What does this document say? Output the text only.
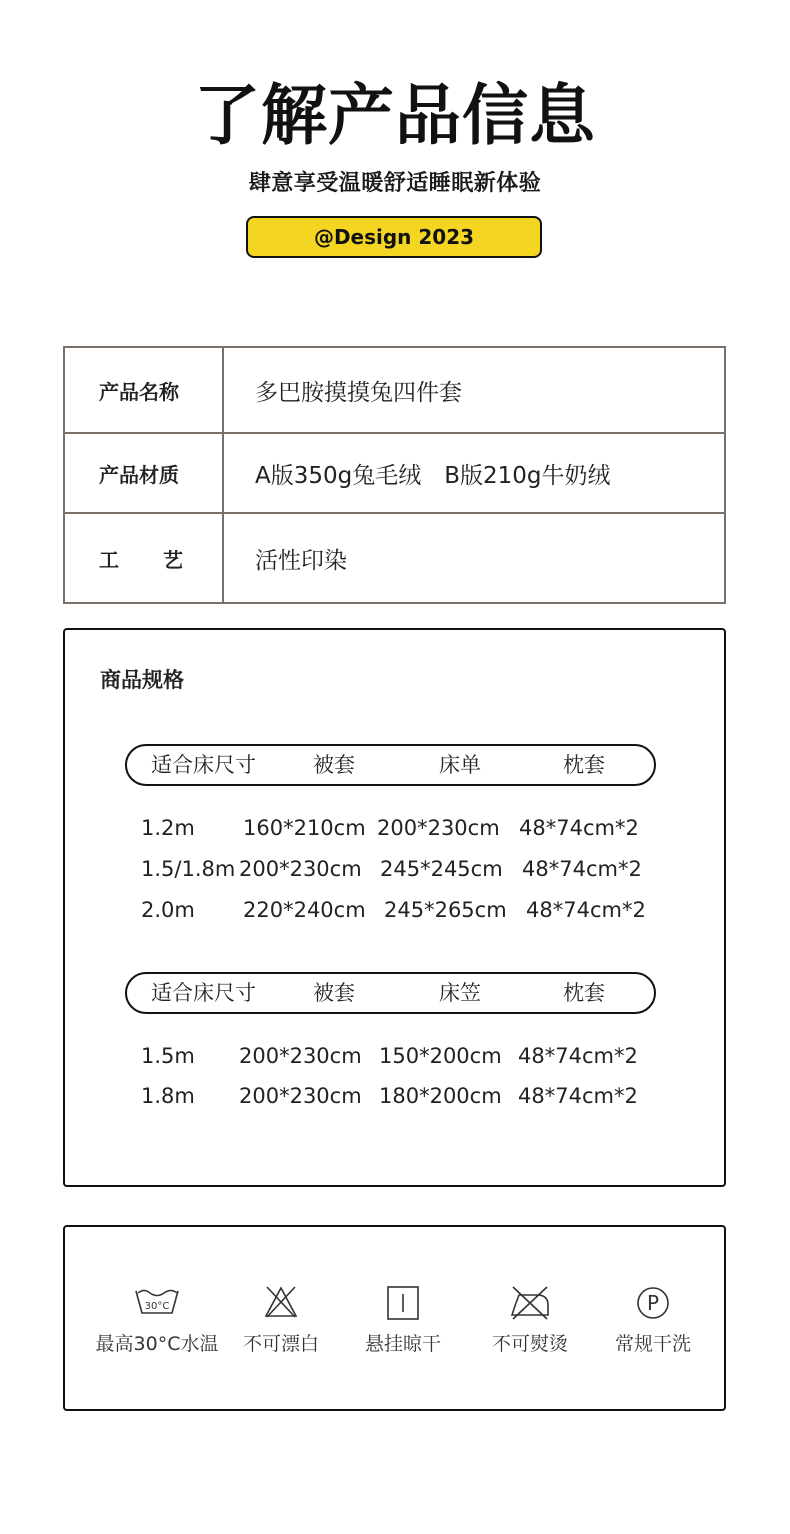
了解产品信息
肆意享受温暖舒适睡眠新体验
@Design 2023
产品名称	多巴胺摸摸兔四件套
产品材质	A版350g兔毛绒　B版210g牛奶绒
工艺 活性印染
商品规格
适合床尺寸	被套	床单	枕套
1.2m 160*210cm 200*230cm 48*74cm*2
1.5/1.8m 200*230cm 245*245cm 48*74cm*2
2.0m 220*240cm 245*265cm 48*74cm*2
适合床尺寸	被套	床笠	枕套
1.5m 200*230cm 150*200cm 48*74cm*2
1.8m 200*230cm 180*200cm 48*74cm*2
30°C
最高30°C水温	不可漂白	悬挂晾干	不可熨烫
P
常规干洗
